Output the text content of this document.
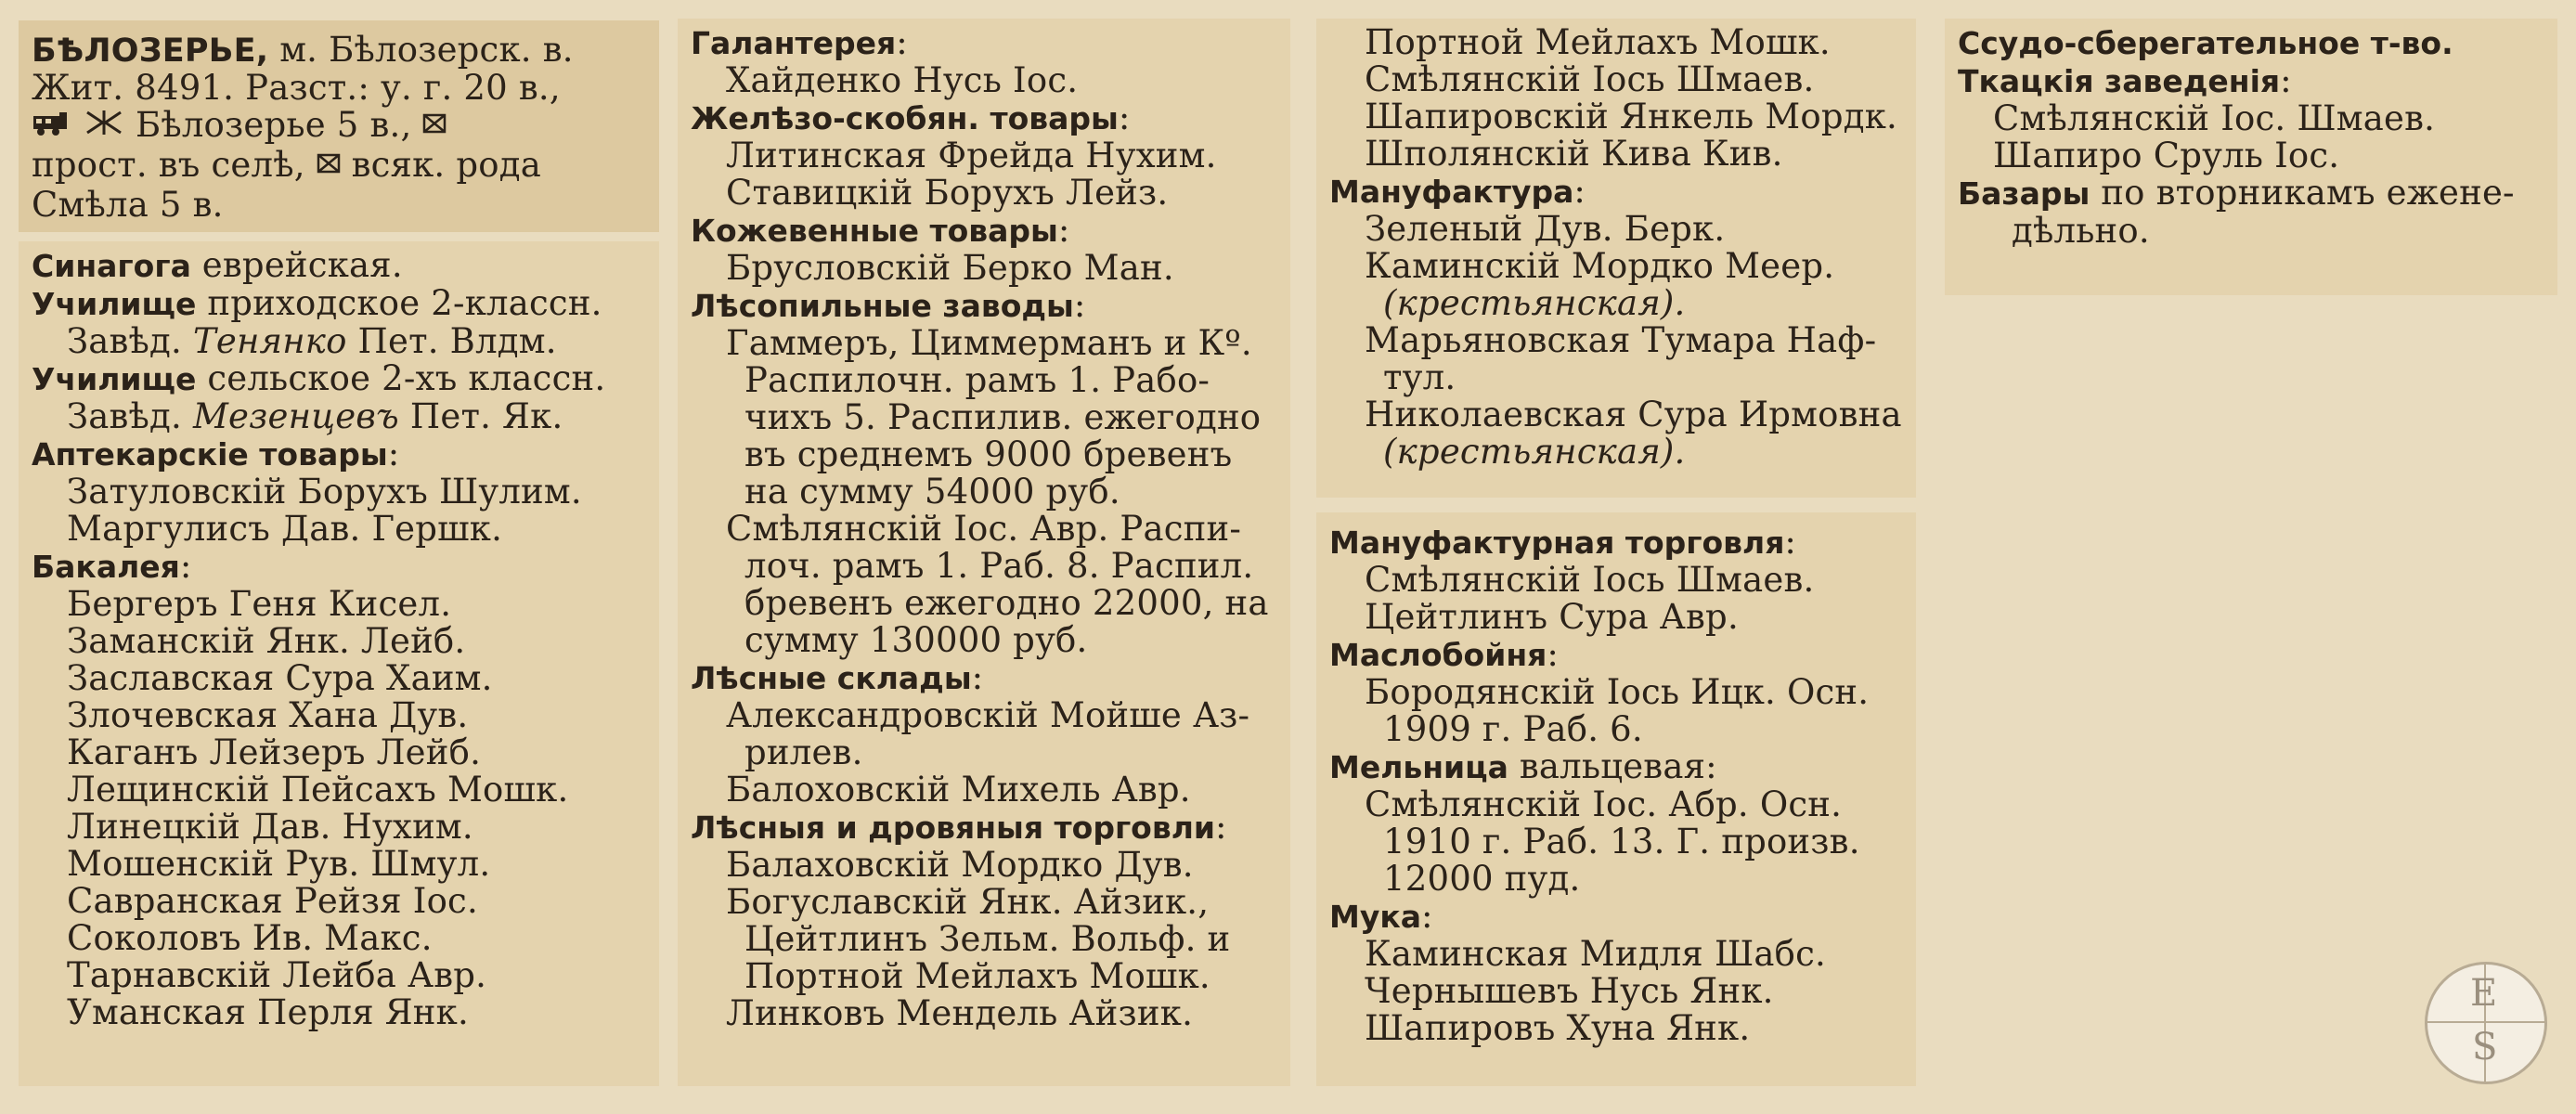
БѢЛОЗЕРЬЕ, м. Бѣлозерск. в.
Жит. 8491. Разст.: у. г. 20 в.,
Бѣлозерье 5 в.,
прост. въ селѣ, всяк. рода
Смѣла 5 в.
Синагога еврейская.
Училище приходское 2-классн.
Завѣд. Тенянко Пет. Влдм.
Училище сельское 2-хъ классн.
Завѣд. Мезенцевъ Пет. Як.
Аптекарскіе товары:
Затуловскій Борухъ Шулим.
Маргулисъ Дав. Гершк.
Бакалея:
Бергеръ Геня Кисел.
Заманскій Янк. Лейб.
Заславская Сура Хаим.
Злочевская Хана Дув.
Каганъ Лейзеръ Лейб.
Лещинскій Пейсахъ Мошк.
Линецкій Дав. Нухим.
Мошенскій Рув. Шмул.
Савранская Рейзя Іос.
Соколовъ Ив. Макс.
Тарнавскій Лейба Авр.
Уманская Перля Янк.
Галантерея:
Хайденко Нусь Іос.
Желѣзо-скобян. товары:
Литинская Фрейда Нухим.
Ставицкій Борухъ Лейз.
Кожевенные товары:
Брусловскій Берко Ман.
Лѣсопильные заводы:
Гаммеръ, Циммерманъ и Кº.
Распилочн. рамъ 1. Рабо-
чихъ 5. Распилив. ежегодно
въ среднемъ 9000 бревенъ
на сумму 54000 руб.
Смѣлянскій Іос. Авр. Распи-
лоч. рамъ 1. Раб. 8. Распил.
бревенъ ежегодно 22000, на
сумму 130000 руб.
Лѣсные склады:
Александровскій Мойше Аз-
рилев.
Балоховскій Михель Авр.
Лѣсныя и дровяныя торговли:
Балаховскій Мордко Дув.
Богуславскій Янк. Айзик.,
Цейтлинъ Зельм. Вольф. и
Портной Мейлахъ Мошк.
Линковъ Мендель Айзик.
Портной Мейлахъ Мошк.
Смѣлянскій Іось Шмаев.
Шапировскій Янкель Мордк.
Шполянскій Кива Кив.
Мануфактура:
Зеленый Дув. Берк.
Каминскій Мордко Меер.
(крестьянская).
Марьяновская Тумара Наф-
тул.
Николаевская Сура Ирмовна
(крестьянская).
Мануфактурная торговля:
Смѣлянскій Іось Шмаев.
Цейтлинъ Сура Авр.
Маслобойня:
Бородянскій Іось Ицк. Осн.
1909 г. Раб. 6.
Мельница вальцевая:
Смѣлянскій Іос. Абр. Осн.
1910 г. Раб. 13. Г. произв.
12000 пуд.
Мука:
Каминская Мидля Шабс.
Чернышевъ Нусь Янк.
Шапировъ Хуна Янк.
Ссудо-сберегательное т-во.
Ткацкія заведенія:
Смѣлянскій Іос. Шмаев.
Шапиро Сруль Іос.
Базары по вторникамъ еженe-
дѣльно.
E
S
